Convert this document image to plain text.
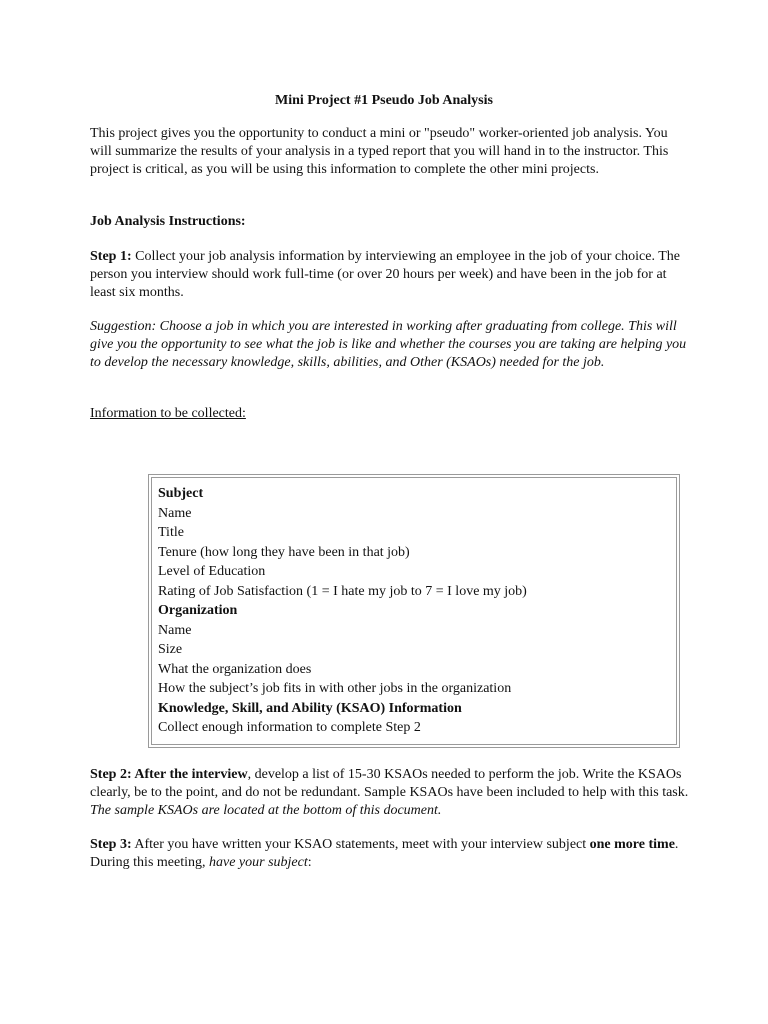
Mini Project #1 Pseudo Job Analysis

This project gives you the opportunity to conduct a mini or "pseudo" worker-oriented job analysis. You will summarize the results of your analysis in a typed report that you will hand in to the instructor. This project is critical, as you will be using this information to complete the other mini projects.

Job Analysis Instructions:

Step 1: Collect your job analysis information by interviewing an employee in the job of your choice. The person you interview should work full-time (or over 20 hours per week) and have been in the job for at least six months.

Suggestion: Choose a job in which you are interested in working after graduating from college. This will give you the opportunity to see what the job is like and whether the courses you are taking are helping you to develop the necessary knowledge, skills, abilities, and Other (KSAOs) needed for the job.

Information to be collected:

Subject
Name
Title
Tenure (how long they have been in that job)
Level of Education
Rating of Job Satisfaction (1 = I hate my job to 7 = I love my job)
Organization
Name
Size
What the organization does
How the subject’s job fits in with other jobs in the organization
Knowledge, Skill, and Ability (KSAO) Information
Collect enough information to complete Step 2

Step 2: After the interview, develop a list of 15-30 KSAOs needed to perform the job. Write the KSAOs clearly, be to the point, and do not be redundant. Sample KSAOs have been included to help with this task. The sample KSAOs are located at the bottom of this document.

Step 3: After you have written your KSAO statements, meet with your interview subject one more time. During this meeting, have your subject:
